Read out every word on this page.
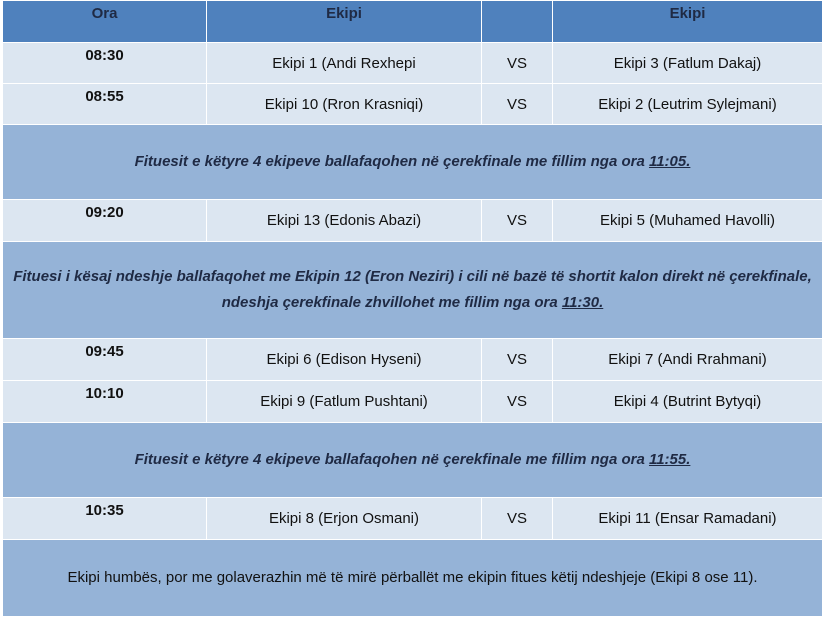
Ora	Ekipi		Ekipi
08:30	Ekipi 1 (Andi Rexhepi	VS	Ekipi 3 (Fatlum Dakaj)
08:55	Ekipi 10 (Rron Krasniqi)	VS	Ekipi 2 (Leutrim Sylejmani)
Fituesit e këtyre 4 ekipeve ballafaqohen në çerekfinale me fillim nga ora 11:05.			
09:20	Ekipi 13 (Edonis Abazi)	VS	Ekipi 5 (Muhamed Havolli)
Fituesi i kësaj ndeshje ballafaqohet me Ekipin 12 (Eron Neziri) i cili në bazë të shortit kalon direkt në çerekfinale, ndeshja çerekfinale zhvillohet me fillim nga ora 11:30.			
09:45	Ekipi 6 (Edison Hyseni)	VS	Ekipi 7 (Andi Rrahmani)
10:10	Ekipi 9 (Fatlum Pushtani)	VS	Ekipi 4 (Butrint Bytyqi)
Fituesit e këtyre 4 ekipeve ballafaqohen në çerekfinale me fillim nga ora 11:55.			
10:35	Ekipi 8 (Erjon Osmani)	VS	Ekipi 11 (Ensar Ramadani)
Ekipi humbës, por me golaverazhin më të mirë përballët me ekipin fitues këtij ndeshjeje (Ekipi 8 ose 11).			
